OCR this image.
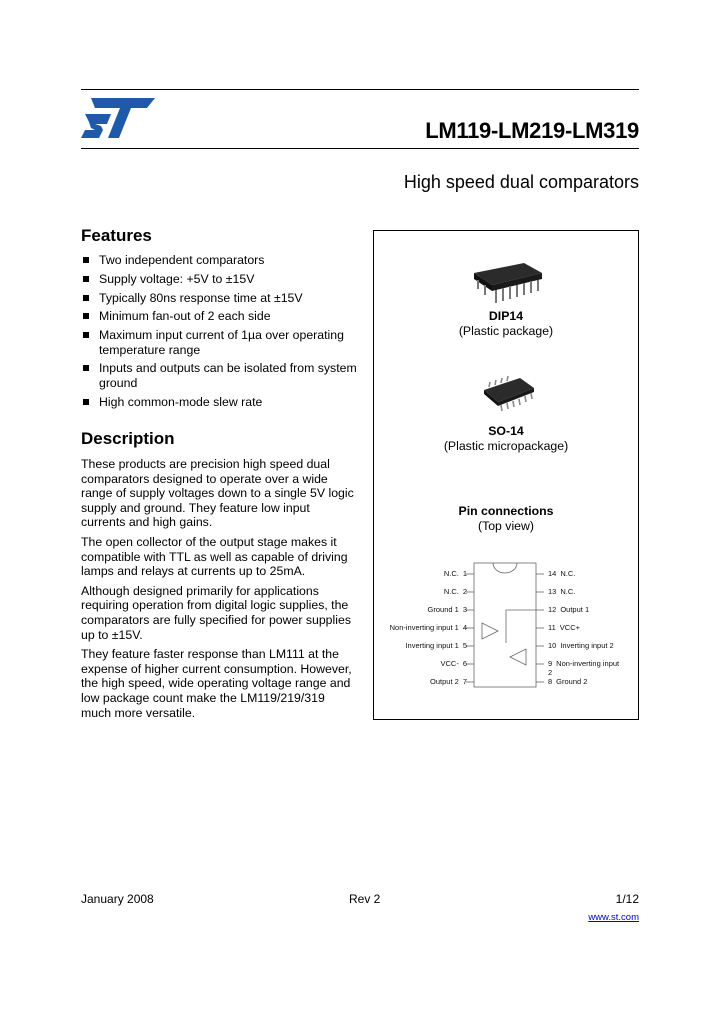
LM119-LM219-LM319
High speed dual comparators
Features
Two independent comparators
Supply voltage: +5V to ±15V
Typically 80ns response time at ±15V
Minimum fan-out of 2 each side
Maximum input current of 1µa over operating temperature range
Inputs and outputs can be isolated from system ground
High common-mode slew rate
Description

These products are precision high speed dual comparators designed to operate over a wide range of supply voltages down to a single 5V logic supply and ground. They feature low input currents and high gains.

The open collector of the output stage makes it compatible with TTL as well as capable of driving lamps and relays at currents up to 25mA.

Although designed primarily for applications requiring operation from digital logic supplies, the comparators are fully specified for power supplies up to ±15V.

They feature faster response than LM111 at the expense of higher current consumption. However, the high speed, wide operating voltage range and low package count make the LM119/219/319 much more versatile.

DIP14
(Plastic package)
SO-14
(Plastic micropackage)
Pin connections
(Top view)
N.C. 1
N.C. 2
Ground 1 3
Non-inverting input 1 4
Inverting input 1 5
VCC- 6
Output 2 7
14 N.C.
13 N.C.
12 Output 1
11 VCC+
10 Inverting input 2
9 Non-inverting input 2
8 Ground 2
January 2008	Rev 2	1/12
www.st.com
